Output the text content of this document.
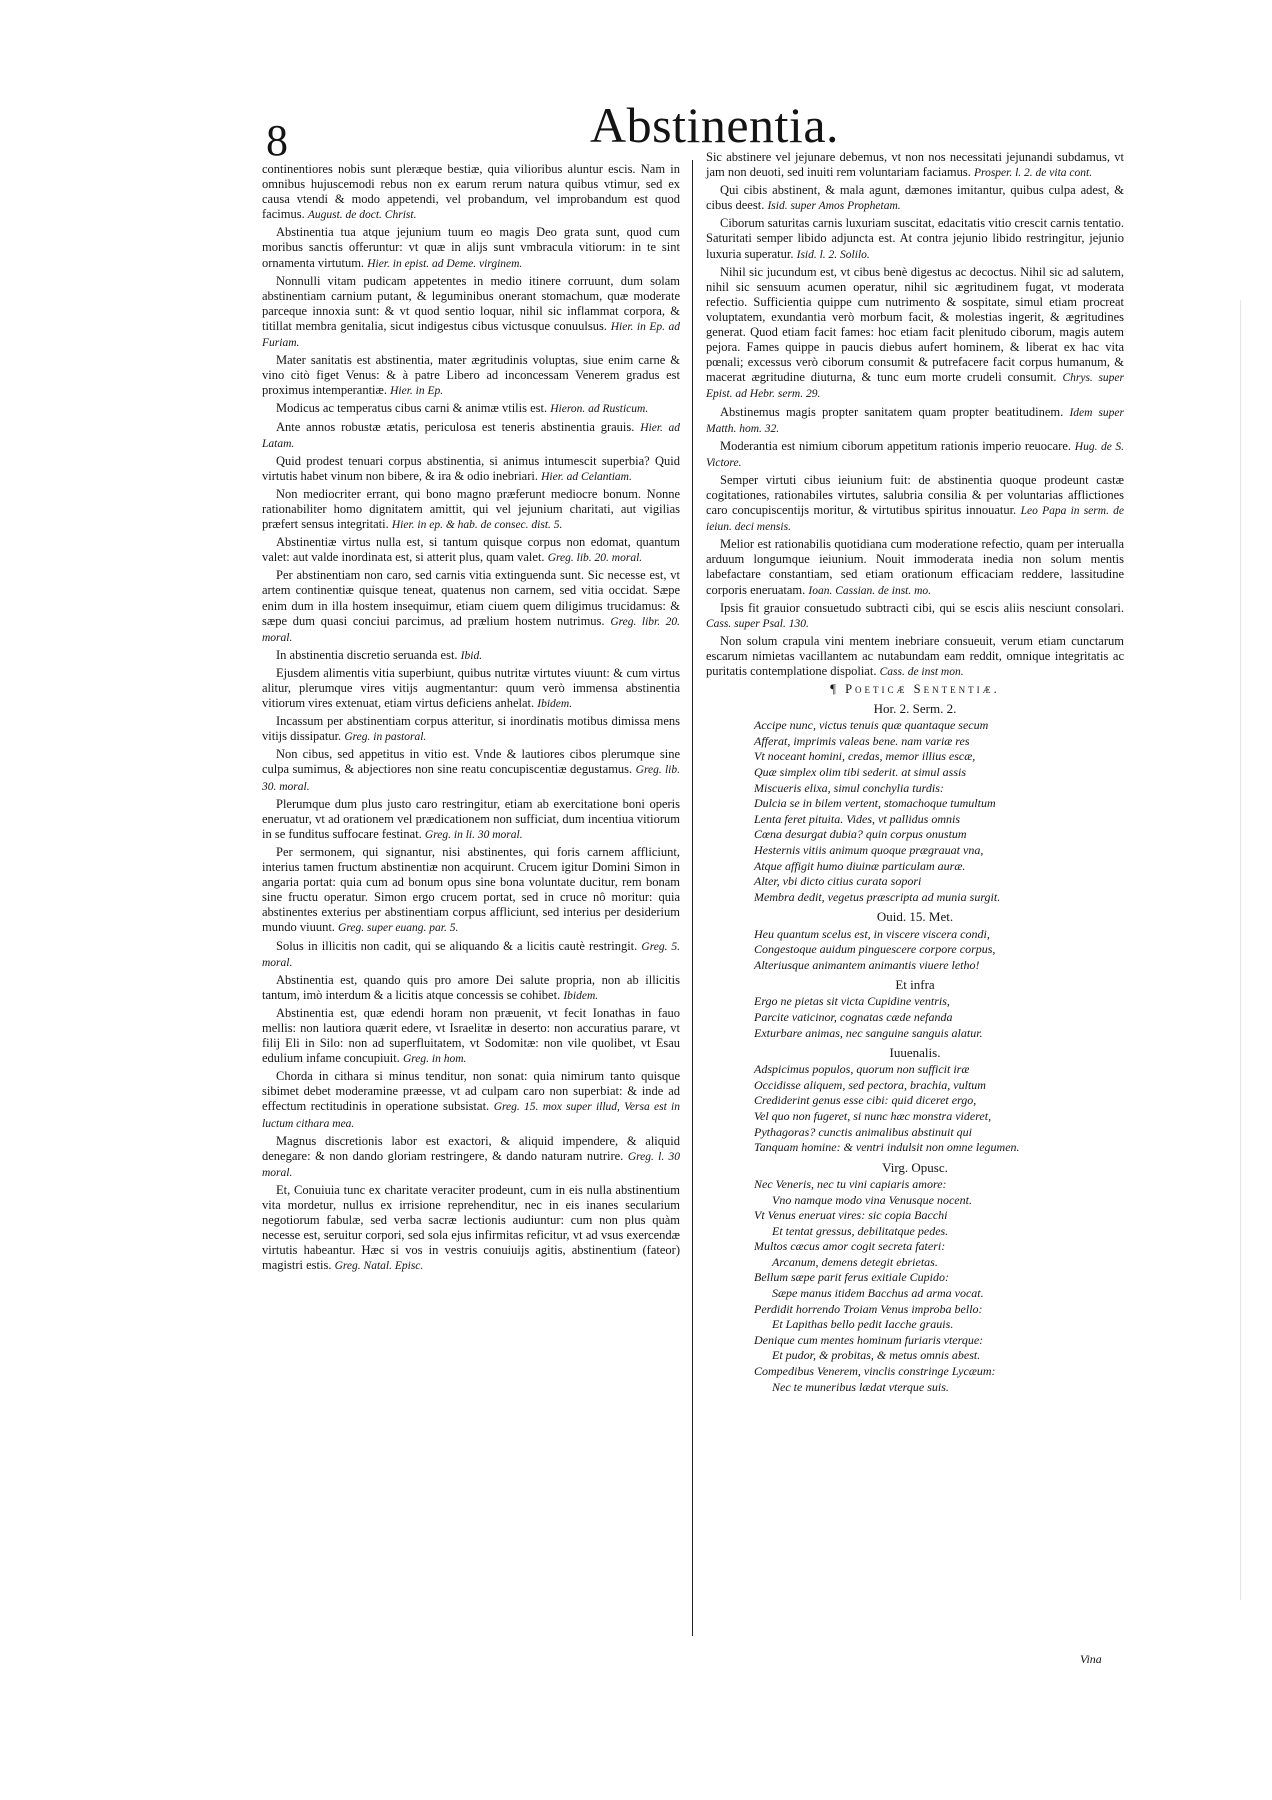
8	Abstinentia.

continentiores nobis sunt pleræque bestiæ, quia vilioribus aluntur escis. Nam in omnibus hujuscemodi rebus non ex earum rerum natura quibus vtimur, sed ex causa vtendi & modo appetendi, vel probandum, vel improbandum est quod facimus. August. de doct. Christ.

Abstinentia tua atque jejunium tuum eo magis Deo grata sunt, quod cum moribus sanctis offeruntur: vt quæ in alijs sunt vmbracula vitiorum: in te sint ornamenta virtutum. Hier. in epist. ad Deme. virginem.

Nonnulli vitam pudicam appetentes in medio itinere corruunt, dum solam abstinentiam carnium putant, & leguminibus onerant stomachum, quæ moderate parceque innoxia sunt: & vt quod sentio loquar, nihil sic inflammat corpora, & titillat membra genitalia, sicut indigestus cibus victusque conuulsus. Hier. in Ep. ad Furiam.

Mater sanitatis est abstinentia, mater ægritudinis voluptas, siue enim carne & vino citò figet Venus: & à patre Libero ad inconcessam Venerem gradus est proximus intemperantiæ. Hier. in Ep.

Modicus ac temperatus cibus carni & animæ vtilis est. Hieron. ad Rusticum.

Ante annos robustæ ætatis, periculosa est teneris abstinentia grauis. Hier. ad Latam.

Quid prodest tenuari corpus abstinentia, si animus intumescit superbia? Quid virtutis habet vinum non bibere, & ira & odio inebriari. Hier. ad Celantiam.

Non mediocriter errant, qui bono magno præferunt mediocre bonum. Nonne rationabiliter homo dignitatem amittit, qui vel jejunium charitati, aut vigilias præfert sensus integritati. Hier. in ep. & hab. de consec. dist. 5.

Abstinentiæ virtus nulla est, si tantum quisque corpus non edomat, quantum valet: aut valde inordinata est, si atterit plus, quam valet. Greg. lib. 20. moral.

Per abstinentiam non caro, sed carnis vitia extinguenda sunt. Sic necesse est, vt artem continentiæ quisque teneat, quatenus non carnem, sed vitia occidat. Sæpe enim dum in illa hostem insequimur, etiam ciuem quem diligimus trucidamus: & sæpe dum quasi conciui parcimus, ad prælium hostem nutrimus. Greg. libr. 20. moral.

In abstinentia discretio seruanda est. Ibid.

Ejusdem alimentis vitia superbiunt, quibus nutritæ virtutes viuunt: & cum virtus alitur, plerumque vires vitijs augmentantur: quum verò immensa abstinentia vitiorum vires extenuat, etiam virtus deficiens anhelat. Ibidem.

Incassum per abstinentiam corpus atteritur, si inordinatis motibus dimissa mens vitijs dissipatur. Greg. in pastoral.

Non cibus, sed appetitus in vitio est. Vnde & lautiores cibos plerumque sine culpa sumimus, & abjectiores non sine reatu concupiscentiæ degustamus. Greg. lib. 30. moral.

Plerumque dum plus justo caro restringitur, etiam ab exercitatione boni operis eneruatur, vt ad orationem vel prædicationem non sufficiat, dum incentiua vitiorum in se funditus suffocare festinat. Greg. in li. 30 moral.

Per sermonem, qui signantur, nisi abstinentes, qui foris carnem affliciunt, interius tamen fructum abstinentiæ non acquirunt. Crucem igitur Domini Simon in angaria portat: quia cum ad bonum opus sine bona voluntate ducitur, rem bonam sine fructu operatur. Simon ergo crucem portat, sed in cruce nô moritur: quia abstinentes exterius per abstinentiam corpus affliciunt, sed interius per desiderium mundo viuunt. Greg. super euang. par. 5.

Solus in illicitis non cadit, qui se aliquando & a licitis cautè restringit. Greg. 5. moral.

Abstinentia est, quando quis pro amore Dei salute propria, non ab illicitis tantum, imò interdum & a licitis atque concessis se cohibet. Ibidem.

Abstinentia est, quæ edendi horam non præuenit, vt fecit Ionathas in fauo mellis: non lautiora quærit edere, vt Israelitæ in deserto: non accuratius parare, vt filij Eli in Silo: non ad superfluitatem, vt Sodomitæ: non vile quolibet, vt Esau edulium infame concupiuit. Greg. in hom.

Chorda in cithara si minus tenditur, non sonat: quia nimirum tanto quisque sibimet debet moderamine præesse, vt ad culpam caro non superbiat: & inde ad effectum rectitudinis in operatione subsistat. Greg. 15. mox super illud, Versa est in luctum cithara mea.

Magnus discretionis labor est exactori, & aliquid impendere, & aliquid denegare: & non dando gloriam restringere, & dando naturam nutrire. Greg. l. 30 moral.

Et, Conuiuia tunc ex charitate veraciter prodeunt, cum in eis nulla abstinentium vita mordetur, nullus ex irrisione reprehenditur, nec in eis inanes secularium negotiorum fabulæ, sed verba sacræ lectionis audiuntur: cum non plus quàm necesse est, seruitur corpori, sed sola ejus infirmitas reficitur, vt ad vsus exercendæ virtutis habeantur. Hæc si vos in vestris conuiuijs agitis, abstinentium (fateor) magistri estis. Greg. Natal. Episc.

Sic abstinere vel jejunare debemus, vt non nos necessitati jejunandi subdamus, vt jam non deuoti, sed inuiti rem voluntariam faciamus. Prosper. l. 2. de vita cont.

Qui cibis abstinent, & mala agunt, dæmones imitantur, quibus culpa adest, & cibus deest. Isid. super Amos Prophetam.

Ciborum saturitas carnis luxuriam suscitat, edacitatis vitio crescit carnis tentatio. Saturitati semper libido adjuncta est. At contra jejunio libido restringitur, jejunio luxuria superatur. Isid. l. 2. Solilo.

Nihil sic jucundum est, vt cibus benè digestus ac decoctus. Nihil sic ad salutem, nihil sic sensuum acumen operatur, nihil sic ægritudinem fugat, vt moderata refectio. Sufficientia quippe cum nutrimento & sospitate, simul etiam procreat voluptatem, exundantia verò morbum facit, & molestias ingerit, & ægritudines generat. Quod etiam facit fames: hoc etiam facit plenitudo ciborum, magis autem pejora. Fames quippe in paucis diebus aufert hominem, & liberat ex hac vita pœnali; excessus verò ciborum consumit & putrefacere facit corpus humanum, & macerat ægritudine diuturna, & tunc eum morte crudeli consumit. Chrys. super Epist. ad Hebr. serm. 29.

Abstinemus magis propter sanitatem quam propter beatitudinem. Idem super Matth. hom. 32.

Moderantia est nimium ciborum appetitum rationis imperio reuocare. Hug. de S. Victore.

Semper virtuti cibus ieiunium fuit: de abstinentia quoque prodeunt castæ cogitationes, rationabiles virtutes, salubria consilia & per voluntarias afflictiones caro concupiscentijs moritur, & virtutibus spiritus innouatur. Leo Papa in serm. de ieiun. deci mensis.

Melior est rationabilis quotidiana cum moderatione refectio, quam per interualla arduum longumque ieiunium. Nouit immoderata inedia non solum mentis labefactare constantiam, sed etiam orationum efficaciam reddere, lassitudine corporis eneruatam. Ioan. Cassian. de inst. mo.

Ipsis fit grauior consuetudo subtracti cibi, qui se escis aliis nesciunt consolari. Cass. super Psal. 130.

Non solum crapula vini mentem inebriare consueuit, verum etiam cunctarum escarum nimietas vacillantem ac nutabundam eam reddit, omnique integritatis ac puritatis contemplatione dispoliat. Cass. de inst mon.

¶ Poeticæ Sententiæ.

Hor. 2. Serm. 2.
Accipe nunc, victus tenuis quæ quantaque secum
Afferat, imprimis valeas bene. nam variæ res
Vt noceant homini, credas, memor illius escæ,
Quæ simplex olim tibi sederit. at simul assis
Miscueris elixa, simul conchylia turdis:
Dulcia se in bilem vertent, stomachoque tumultum
Lenta feret pituita. Vides, vt pallidus omnis
Cœna desurgat dubia? quin corpus onustum
Hesternis vitiis animum quoque prægrauat vna,
Atque affigit humo diuinæ particulam auræ.
Alter, vbi dicto citius curata sopori
Membra dedit, vegetus præscripta ad munia surgit.
Ouid. 15. Met.
Heu quantum scelus est, in viscere viscera condi,
Congestoque auidum pinguescere corpore corpus,
Alteriusque animantem animantis viuere letho!
Et infra
Ergo ne pietas sit victa Cupidine ventris,
Parcite vaticinor, cognatas cæde nefanda
Exturbare animas, nec sanguine sanguis alatur.
Iuuenalis.
Adspicimus populos, quorum non sufficit iræ
Occidisse aliquem, sed pectora, brachia, vultum
Crediderint genus esse cibi: quid diceret ergo,
Vel quo non fugeret, si nunc hæc monstra videret,
Pythagoras? cunctis animalibus abstinuit qui
Tanquam homine: & ventri indulsit non omne legumen.
Virg. Opusc.
Nec Veneris, nec tu vini capiaris amore:
Vno namque modo vina Venusque nocent.
Vt Venus eneruat vires: sic copia Bacchi
Et tentat gressus, debilitatque pedes.
Multos cæcus amor cogit secreta fateri:
Arcanum, demens detegit ebrietas.
Bellum sæpe parit ferus exitiale Cupido:
Sæpe manus itidem Bacchus ad arma vocat.
Perdidit horrendo Troiam Venus improba bello:
Et Lapithas bello pedit Iacche grauis.
Denique cum mentes hominum furiaris vterque:
Et pudor, & probitas, & metus omnis abest.
Compedibus Venerem, vinclis constringe Lycæum:
Nec te muneribus lædat vterque suis.
Vina
